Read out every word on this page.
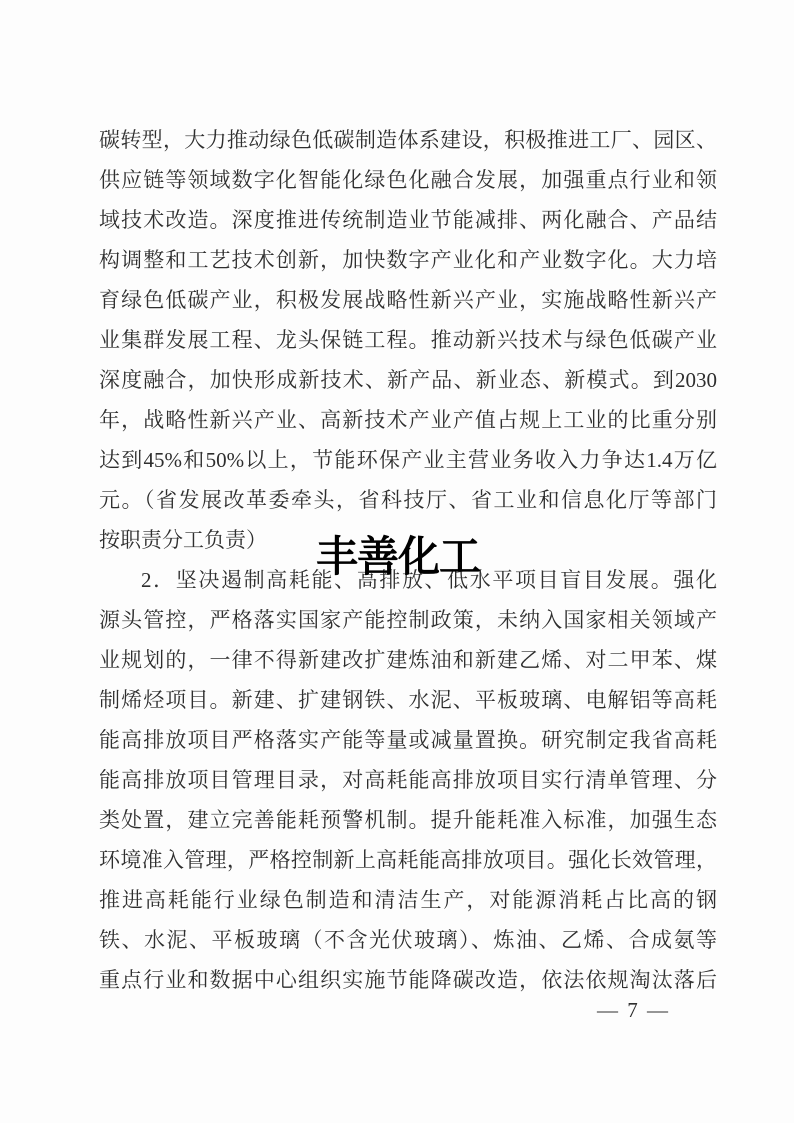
碳转型，大力推动绿色低碳制造体系建设，积极推进工厂、园区、
供应链等领域数字化智能化绿色化融合发展，加强重点行业和领
域技术改造。深度推进传统制造业节能减排、两化融合、产品结
构调整和工艺技术创新，加快数字产业化和产业数字化。大力培
育绿色低碳产业，积极发展战略性新兴产业，实施战略性新兴产
业集群发展工程、龙头保链工程。推动新兴技术与绿色低碳产业
深度融合，加快形成新技术、新产品、新业态、新模式。到2030
年，战略性新兴产业、高新技术产业产值占规上工业的比重分别
达到45%和50%以上，节能环保产业主营业务收入力争达1.4万亿
元。（省发展改革委牵头，省科技厅、省工业和信息化厅等部门
按职责分工负责）
2．坚决遏制高耗能、高排放、低水平项目盲目发展。强化
源头管控，严格落实国家产能控制政策，未纳入国家相关领域产
业规划的，一律不得新建改扩建炼油和新建乙烯、对二甲苯、煤
制烯烃项目。新建、扩建钢铁、水泥、平板玻璃、电解铝等高耗
能高排放项目严格落实产能等量或减量置换。研究制定我省高耗
能高排放项目管理目录，对高耗能高排放项目实行清单管理、分
类处置，建立完善能耗预警机制。提升能耗准入标准，加强生态
环境准入管理，严格控制新上高耗能高排放项目。强化长效管理，
推进高耗能行业绿色制造和清洁生产，对能源消耗占比高的钢
铁、水泥、平板玻璃（不含光伏玻璃）、炼油、乙烯、合成氨等
重点行业和数据中心组织实施节能降碳改造，依法依规淘汰落后
丰善化工
— 7 —
